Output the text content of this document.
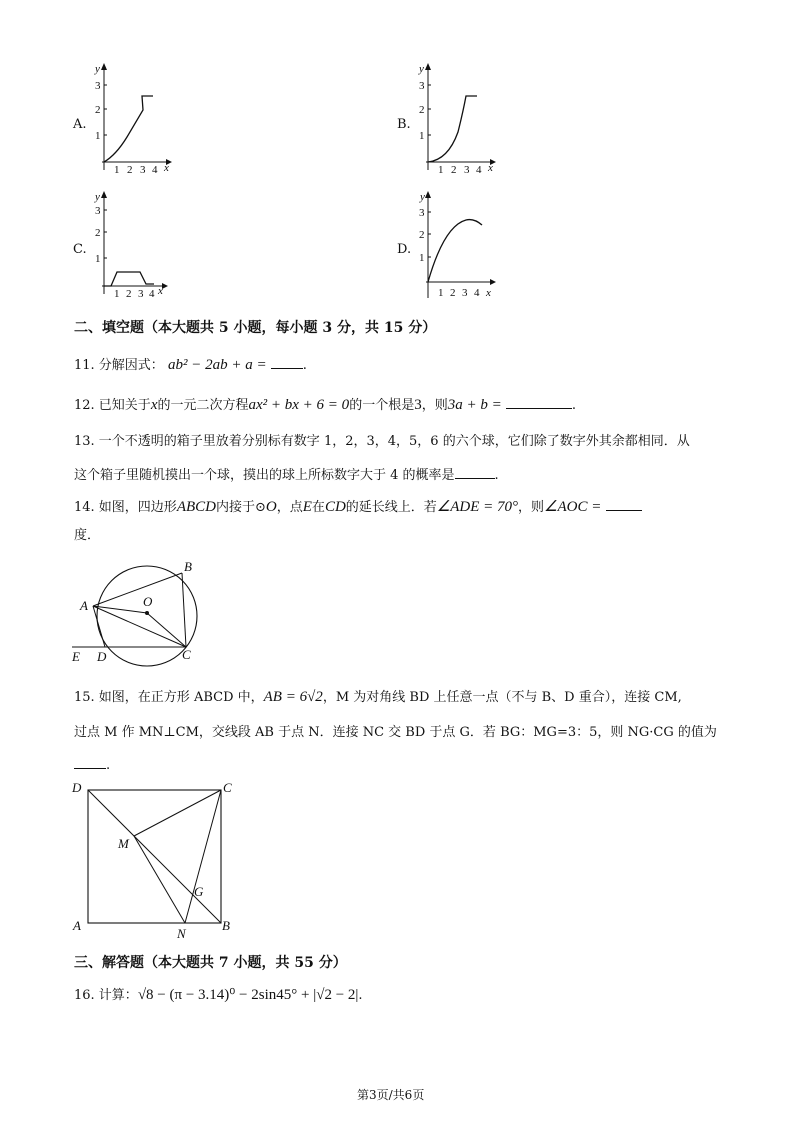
A.
y
x
1
2
3
1 2 3 4
B.
y
x
1
2
3
1 2 3 4
C.
y
x
1
2
3
1 2 3 4
D.
y
x
1
2
3
1 2 3 4
二、填空题（本大题共 5 小题，每小题 3 分，共 15 分）
11. 分解因式： ab² − 2ab + a =	.
12. 已知关于x的一元二次方程ax² + bx + 6 = 0的一个根是3，则3a + b =	.
13. 一个不透明的箱子里放着分别标有数字 1，2，3，4，5，6 的六个球，它们除了数字外其余都相同．从
这个箱子里随机摸出一个球，摸出的球上所标数字大于 4 的概率是	.
14. 如图，四边形ABCD内接于⊙O，点E在CD的延长线上．若∠ADE = 70°，则∠AOC =
度．
A
B
O
C
D
E
15. 如图，在正方形 ABCD 中，AB = 6√2，M 为对角线 BD 上任意一点（不与 B、D 重合），连接 CM,
过点 M 作 MN⊥CM，交线段 AB 于点 N．连接 NC 交 BD 于点 G．若 BG：MG=3：5，则 NG·CG 的值为
.
D	C
M
G
A
N
B
三、解答题（本大题共 7 小题，共 55 分）
16. 计算：√8 − (π − 3.14)⁰ − 2sin45° + |√2 − 2|.
第3页/共6页
